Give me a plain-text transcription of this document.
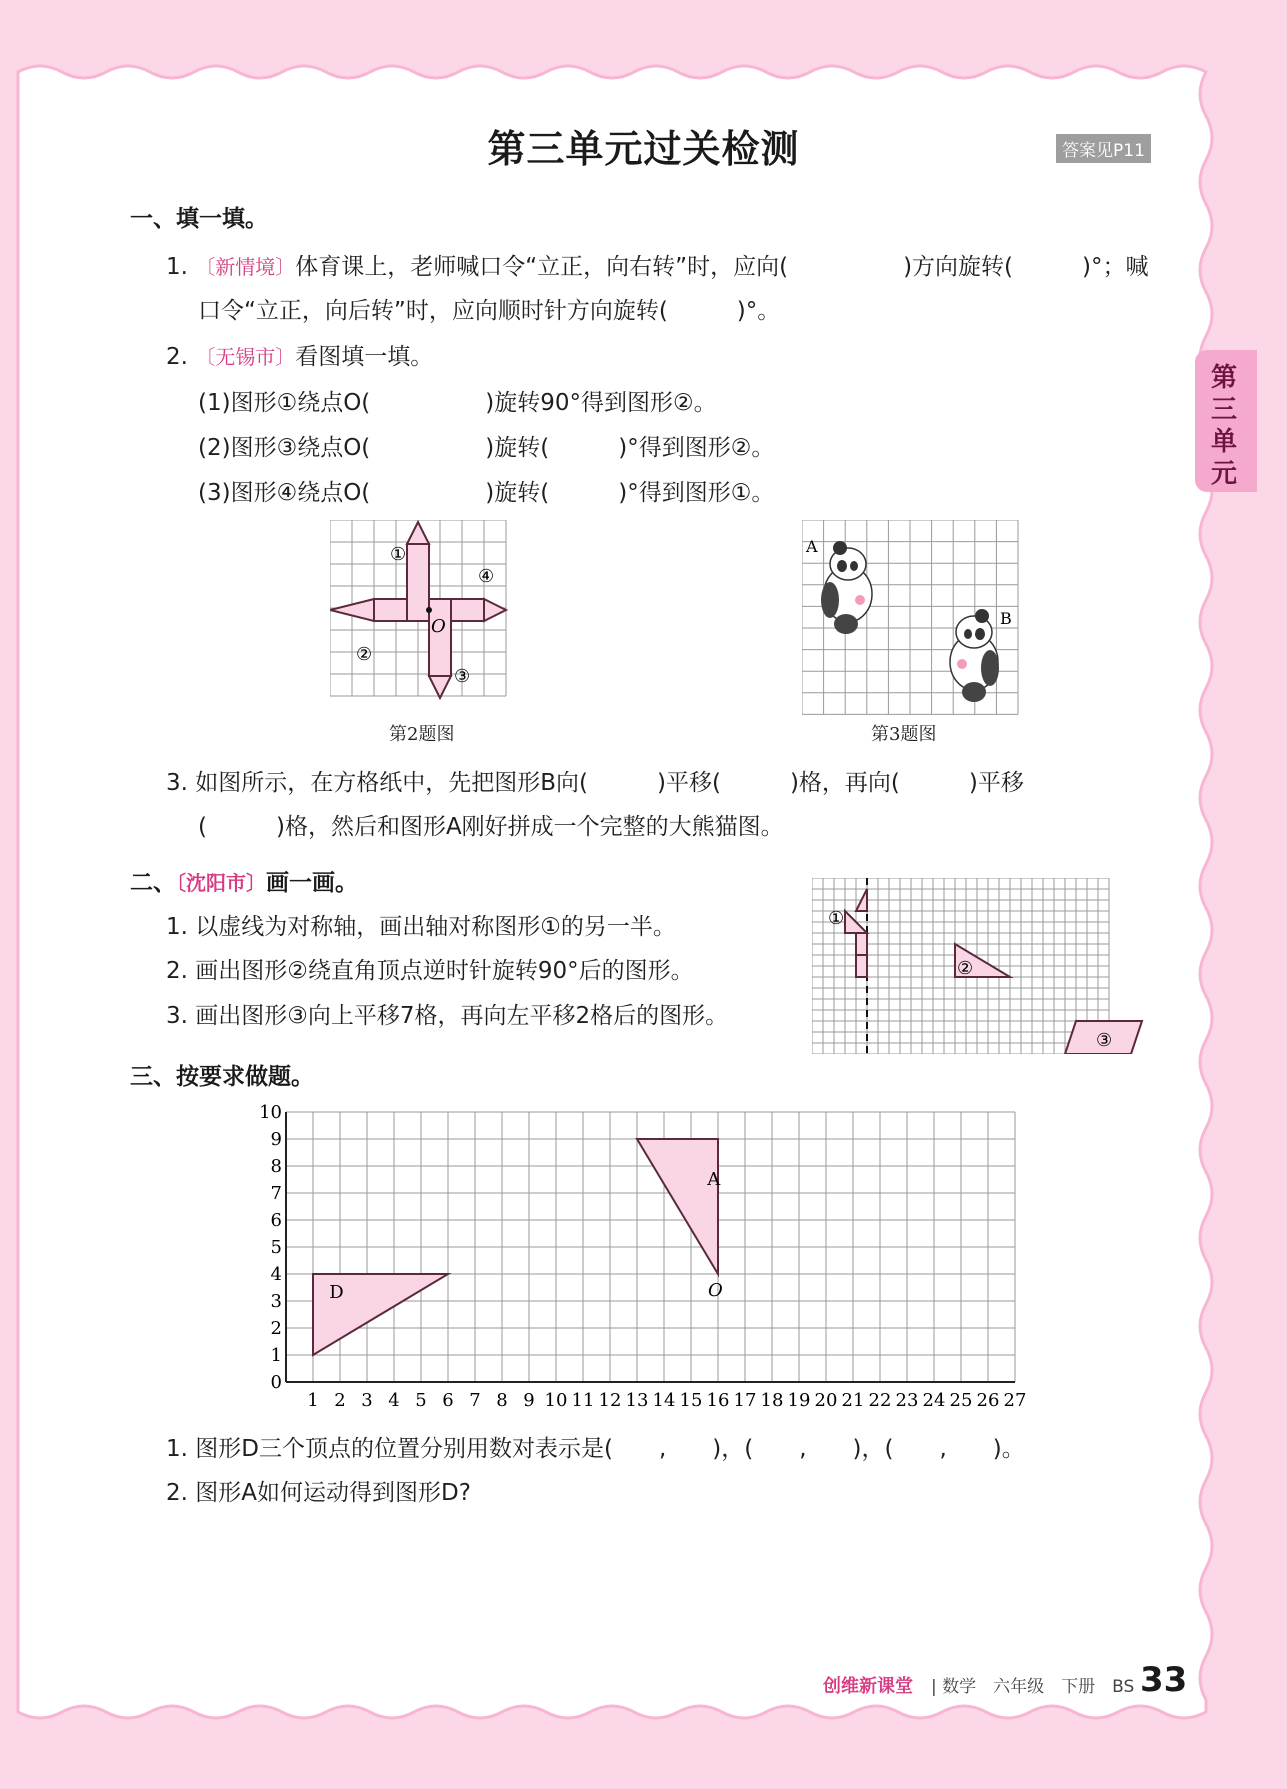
第三单元过关检测	答案见P11
第三单元
一、填一填。
1. 〔新情境〕体育课上，老师喊口令“立正，向右转”时，应向(　　　　　)方向旋转(　　　)°；喊
口令“立正，向后转”时，应向顺时针方向旋转(　　　)°。
2. 〔无锡市〕看图填一填。
(1)图形①绕点O(　　　　　)旋转90°得到图形②。
(2)图形③绕点O(　　　　　)旋转(　　　)°得到图形②。
(3)图形④绕点O(　　　　　)旋转(　　　)°得到图形①。
①
④
②
③
O
第2题图
A
B
第3题图
3. 如图所示，在方格纸中，先把图形B向(　　　)平移(　　　)格，再向(　　　)平移
(　　　)格，然后和图形A刚好拼成一个完整的大熊猫图。
二、〔沈阳市〕画一画。
1. 以虚线为对称轴，画出轴对称图形①的另一半。
2. 画出图形②绕直角顶点逆时针旋转90°后的图形。
3. 画出图形③向上平移7格，再向左平移2格后的图形。
①
②
③
三、按要求做题。
D
A
O
1 2 3 4 5 6 7 8 9 10 11 12 13 14 15 16 17 18 19 20 21 22 23 24 25 26 27
0
1
2
3
4
5
6
7
8
9
10
1. 图形D三个顶点的位置分别用数对表示是(　　,　　)，(　　,　　)，(　　,　　)。
2. 图形A如何运动得到图形D?
创维新课堂 | 数学　六年级　下册　BS 33
